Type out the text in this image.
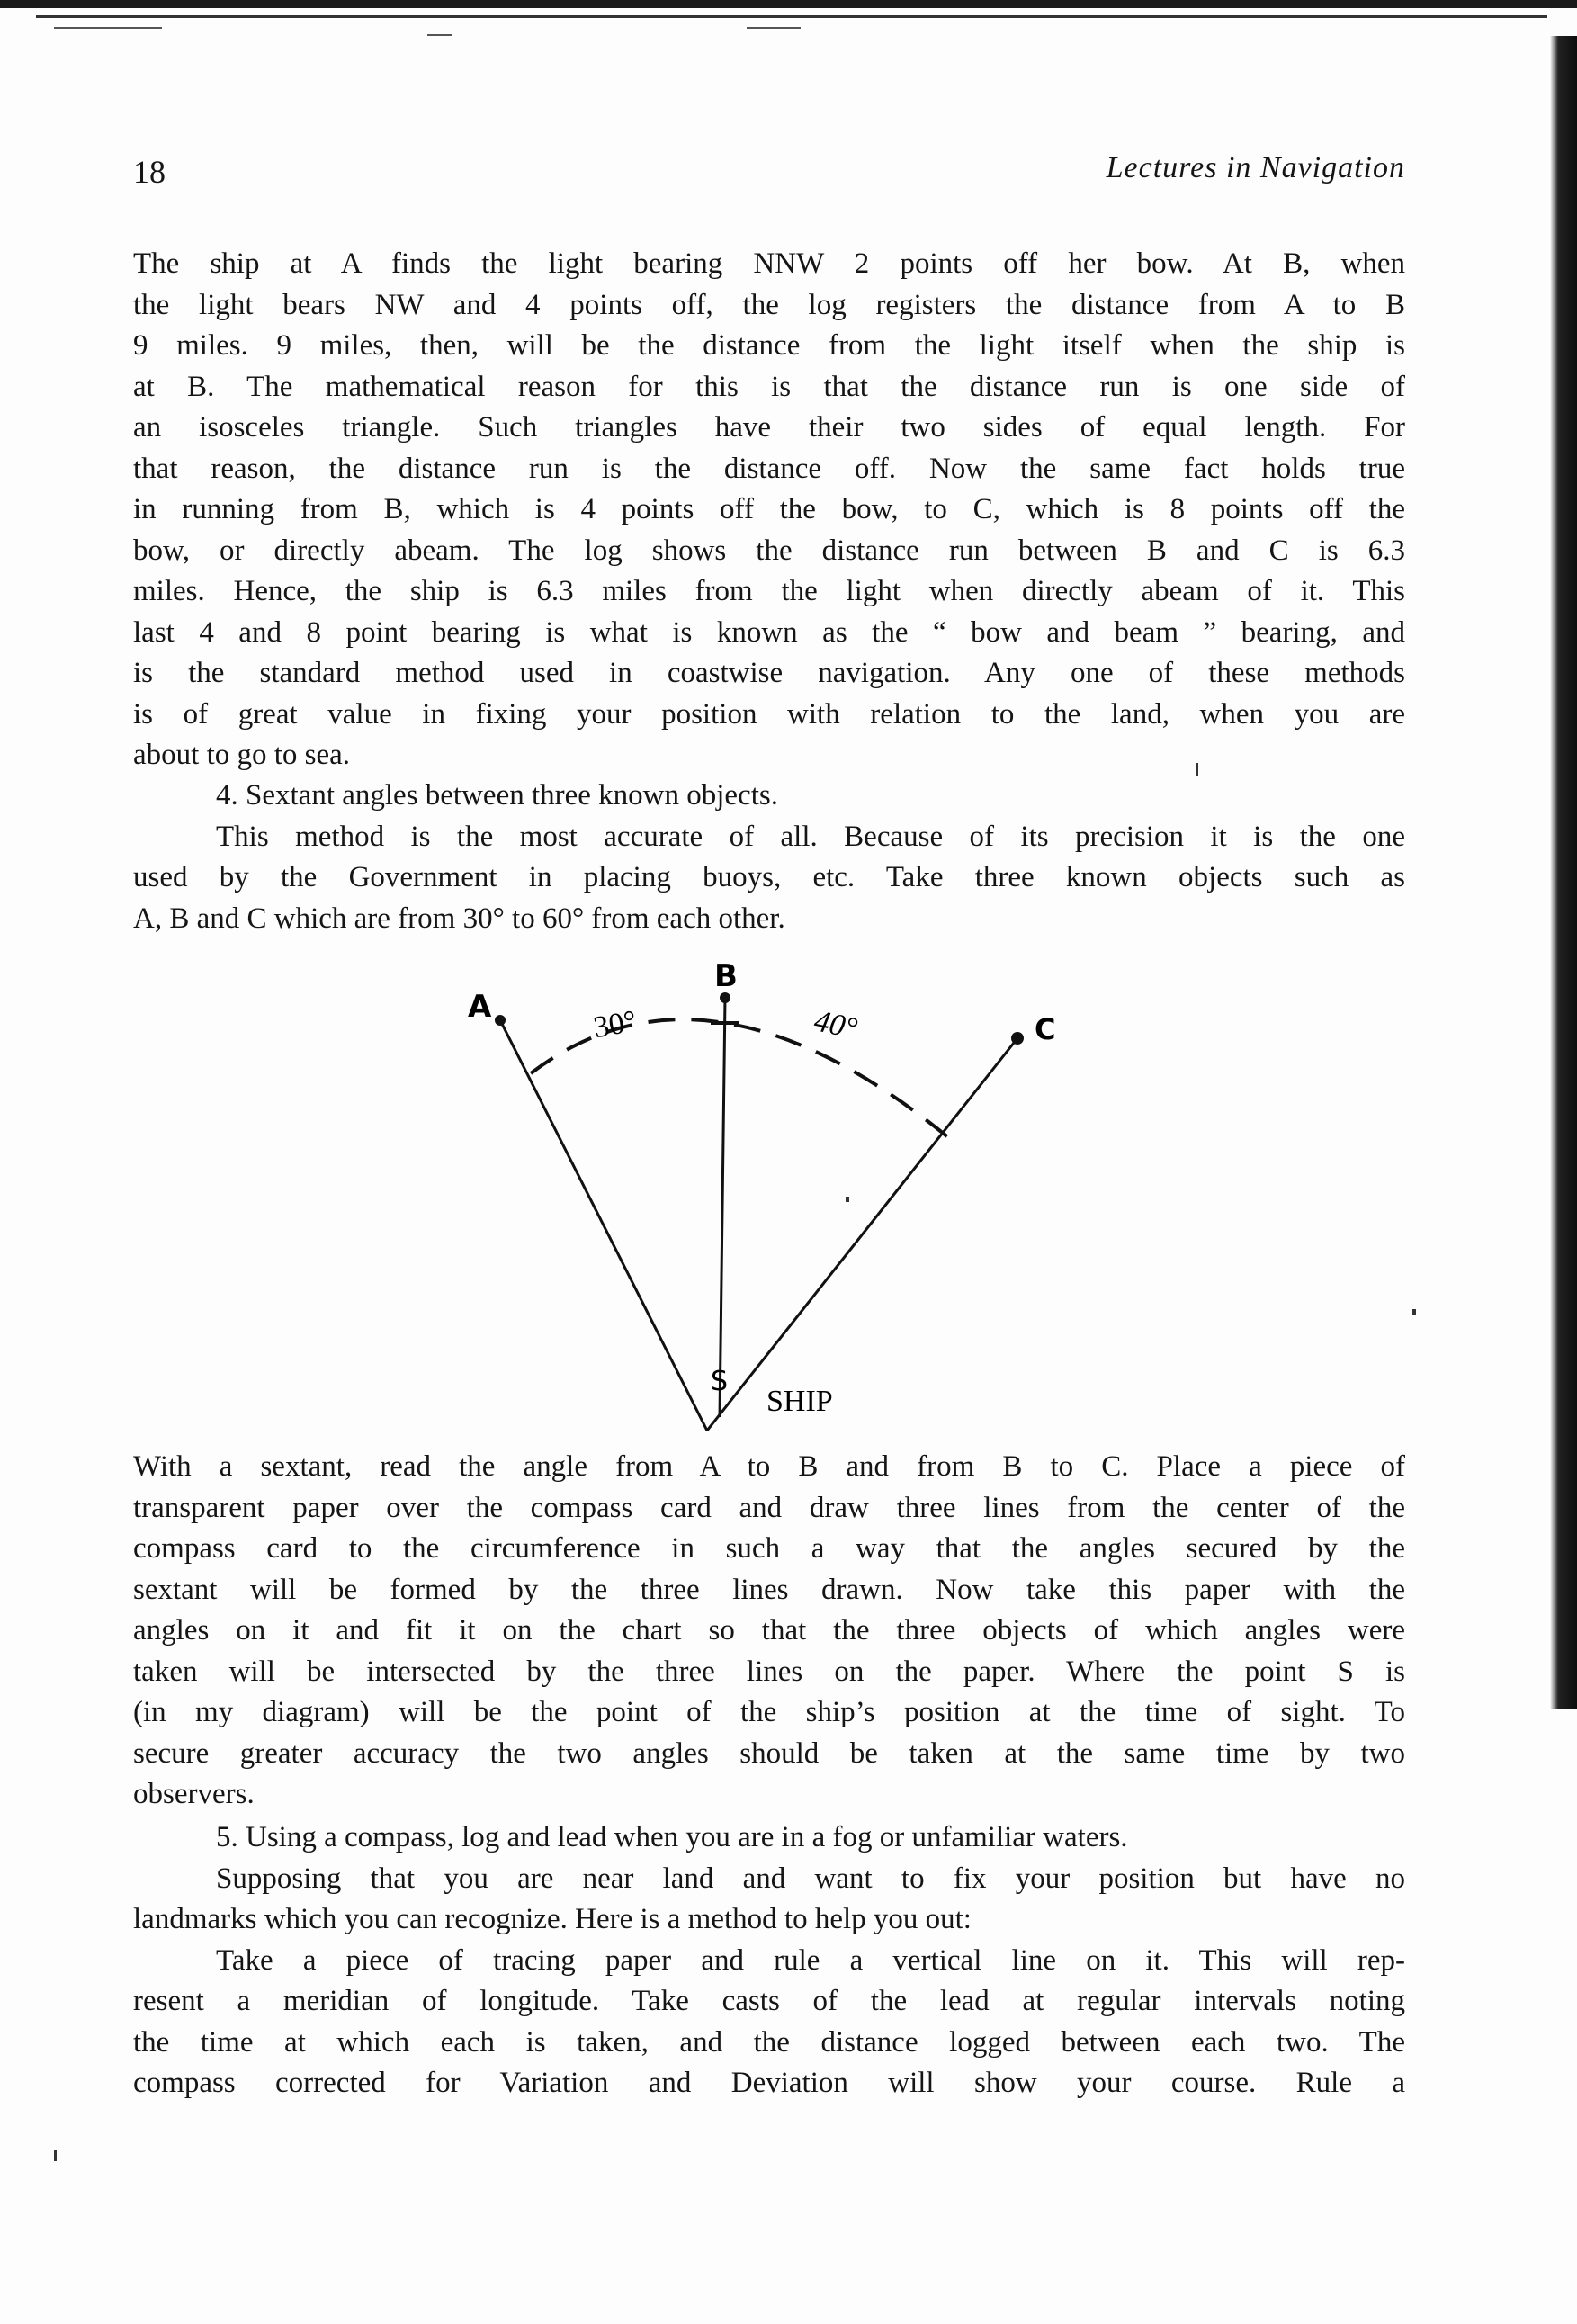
18	Lectures in Navigation
The ship at A finds the light bearing NNW 2 points off her bow. At B, when
the light bears NW and 4 points off, the log registers the distance from A to B
9 miles. 9 miles, then, will be the distance from the light itself when the ship is
at B. The mathematical reason for this is that the distance run is one side of
an isosceles triangle. Such triangles have their two sides of equal length. For
that reason, the distance run is the distance off. Now the same fact holds true
in running from B, which is 4 points off the bow, to C, which is 8 points off the
bow, or directly abeam. The log shows the distance run between B and C is 6.3
miles. Hence, the ship is 6.3 miles from the light when directly abeam of it. This
last 4 and 8 point bearing is what is known as the “ bow and beam ” bearing, and
is the standard method used in coastwise navigation. Any one of these methods
is of great value in fixing your position with relation to the land, when you are
about to go to sea.
4. Sextant angles between three known objects.
This method is the most accurate of all. Because of its precision it is the one
used by the Government in placing buoys, etc. Take three known objects such as
A, B and C which are from 30° to 60° from each other.
With a sextant, read the angle from A to B and from B to C. Place a piece of
transparent paper over the compass card and draw three lines from the center of the
compass card to the circumference in such a way that the angles secured by the
sextant will be formed by the three lines drawn. Now take this paper with the
angles on it and fit it on the chart so that the three objects of which angles were
taken will be intersected by the three lines on the paper. Where the point S is
(in my diagram) will be the point of the ship’s position at the time of sight. To
secure greater accuracy the two angles should be taken at the same time by two
observers.
5. Using a compass, log and lead when you are in a fog or unfamiliar waters.
Supposing that you are near land and want to fix your position but have no
landmarks which you can recognize. Here is a method to help you out:
Take a piece of tracing paper and rule a vertical line on it. This will rep-
resent a meridian of longitude. Take casts of the lead at regular intervals noting
the time at which each is taken, and the distance logged between each two. The
compass corrected for Variation and Deviation will show your course. Rule a
A
B
C
30°	40°
S
SHIP
